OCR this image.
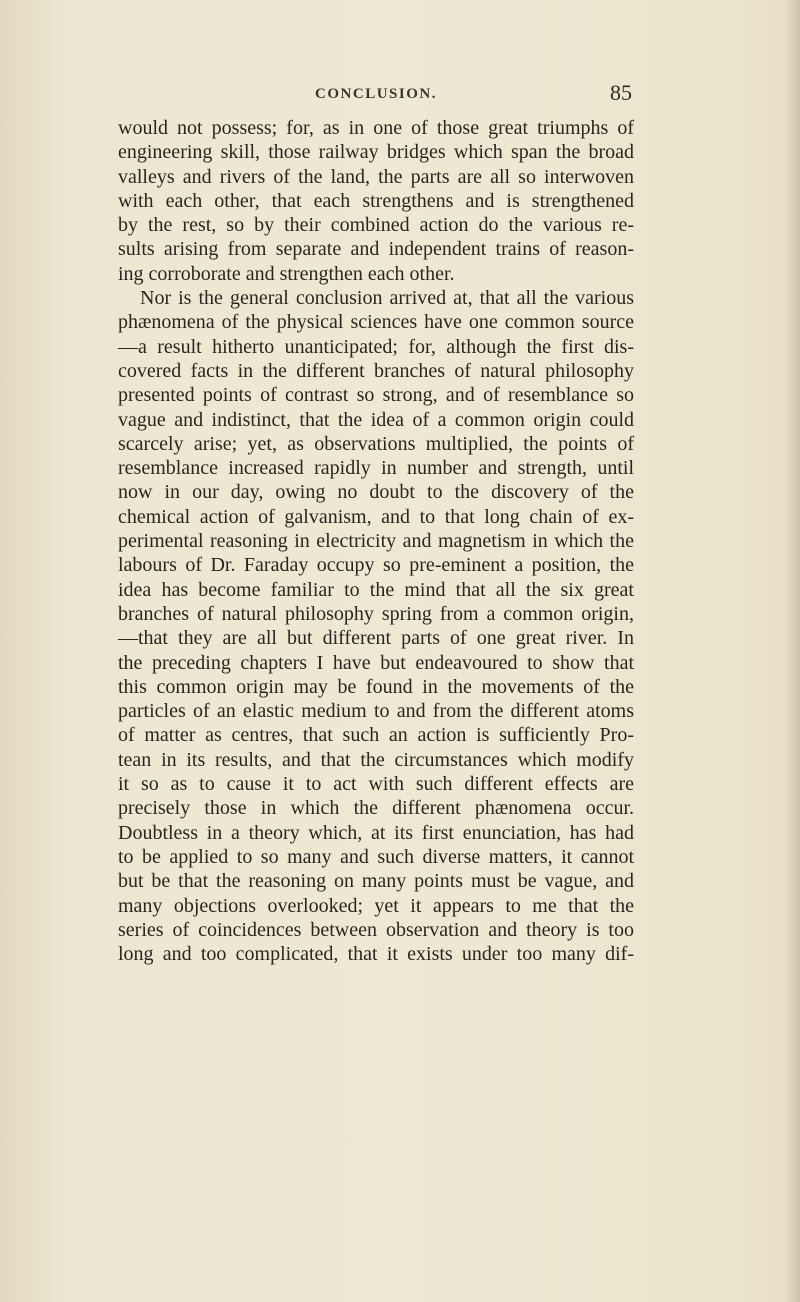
CONCLUSION.	85
would not possess; for, as in one of those great triumphs of
engineering skill, those railway bridges which span the broad
valleys and rivers of the land, the parts are all so interwoven
with each other, that each strengthens and is strengthened
by the rest, so by their combined action do the various re-
sults arising from separate and independent trains of reason-
ing corroborate and strengthen each other.
Nor is the general conclusion arrived at, that all the various
phænomena of the physical sciences have one common source
—a result hitherto unanticipated; for, although the first dis-
covered facts in the different branches of natural philosophy
presented points of contrast so strong, and of resemblance so
vague and indistinct, that the idea of a common origin could
scarcely arise; yet, as observations multiplied, the points of
resemblance increased rapidly in number and strength, until
now in our day, owing no doubt to the discovery of the
chemical action of galvanism, and to that long chain of ex-
perimental reasoning in electricity and magnetism in which the
labours of Dr. Faraday occupy so pre-eminent a position, the
idea has become familiar to the mind that all the six great
branches of natural philosophy spring from a common origin,
—that they are all but different parts of one great river. In
the preceding chapters I have but endeavoured to show that
this common origin may be found in the movements of the
particles of an elastic medium to and from the different atoms
of matter as centres, that such an action is sufficiently Pro-
tean in its results, and that the circumstances which modify
it so as to cause it to act with such different effects are
precisely those in which the different phænomena occur.
Doubtless in a theory which, at its first enunciation, has had
to be applied to so many and such diverse matters, it cannot
but be that the reasoning on many points must be vague, and
many objections overlooked; yet it appears to me that the
series of coincidences between observation and theory is too
long and too complicated, that it exists under too many dif-
